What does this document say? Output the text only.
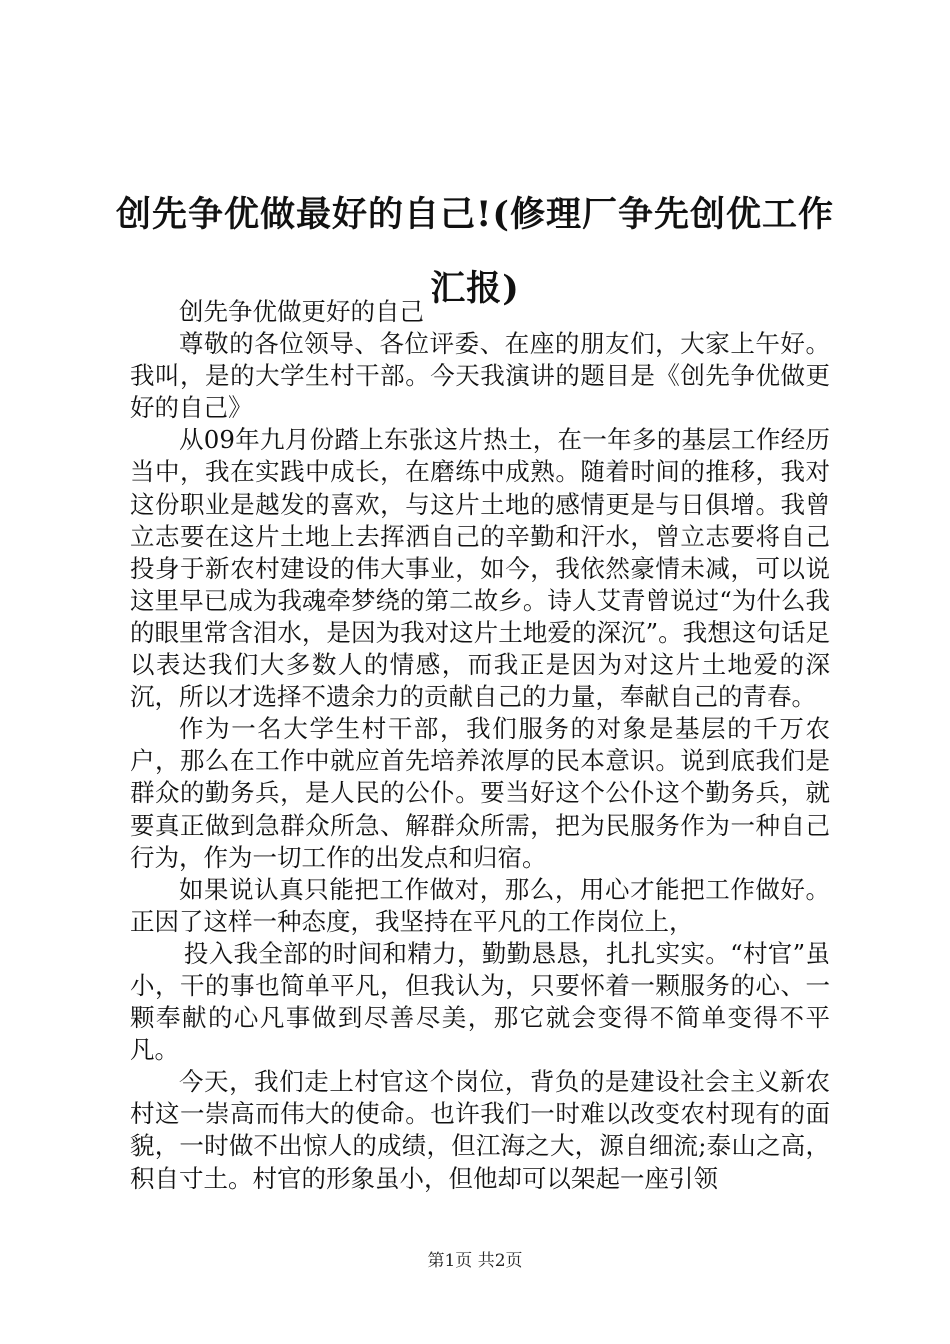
创先争优做最好的自己!(修理厂争先创优工作汇报)

创先争优做更好的自己

尊敬的各位领导、各位评委、在座的朋友们，大家上午好。我叫，是的大学生村干部。今天我演讲的题目是《创先争优做更好的自己》

从09年九月份踏上东张这片热土，在一年多的基层工作经历当中，我在实践中成长，在磨练中成熟。随着时间的推移，我对这份职业是越发的喜欢，与这片土地的感情更是与日俱增。我曾立志要在这片土地上去挥洒自己的辛勤和汗水，曾立志要将自己投身于新农村建设的伟大事业，如今，我依然豪情未减，可以说这里早已成为我魂牵梦绕的第二故乡。诗人艾青曾说过“为什么我的眼里常含泪水，是因为我对这片土地爱的深沉”。我想这句话足以表达我们大多数人的情感，而我正是因为对这片土地爱的深沉，所以才选择不遗余力的贡献自己的力量，奉献自己的青春。

作为一名大学生村干部，我们服务的对象是基层的千万农户，那么在工作中就应首先培养浓厚的民本意识。说到底我们是群众的勤务兵，是人民的公仆。要当好这个公仆这个勤务兵，就要真正做到急群众所急、解群众所需，把为民服务作为一种自己行为，作为一切工作的出发点和归宿。

如果说认真只能把工作做对，那么，用心才能把工作做好。正因了这样一种态度，我坚持在平凡的工作岗位上，

投入我全部的时间和精力，勤勤恳恳，扎扎实实。“村官”虽小，干的事也简单平凡，但我认为，只要怀着一颗服务的心、一颗奉献的心凡事做到尽善尽美，那它就会变得不简单变得不平凡。

今天，我们走上村官这个岗位，背负的是建设社会主义新农村这一崇高而伟大的使命。也许我们一时难以改变农村现有的面貌，一时做不出惊人的成绩，但江海之大，源自细流;泰山之高，积自寸土。村官的形象虽小，但他却可以架起一座引领

第1页 共2页
